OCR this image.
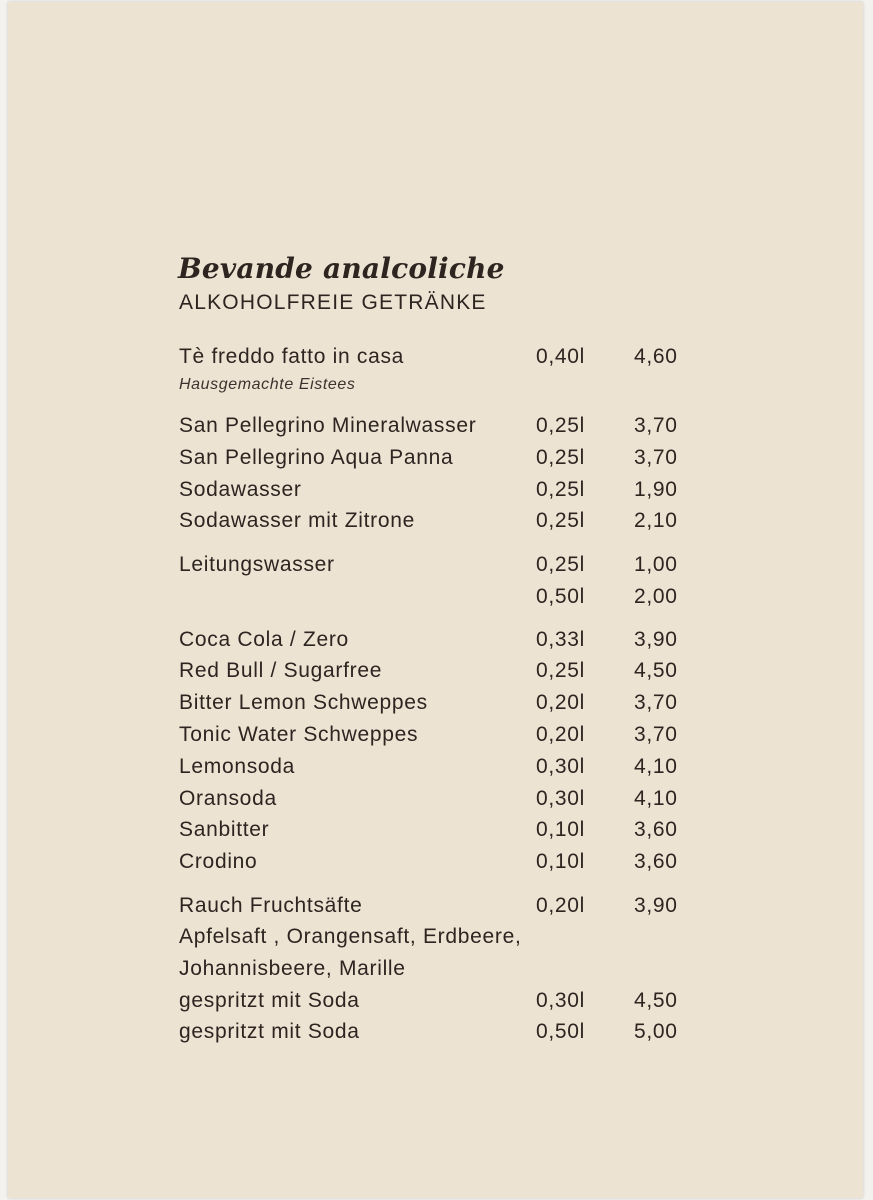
Bevande analcoliche
ALKOHOLFREIE GETRÄNKE
Tè freddo fatto in casa	0,40l 4,60
Hausgemachte Eistees
San Pellegrino Mineralwasser	0,25l 3,70
San Pellegrino Aqua Panna	0,25l 3,70
Sodawasser	0,25l 1,90
Sodawasser mit Zitrone	0,25l 2,10
Leitungswasser	0,25l 1,00
0,50l 2,00
Coca Cola / Zero	0,33l 3,90
Red Bull / Sugarfree	0,25l 4,50
Bitter Lemon Schweppes	0,20l 3,70
Tonic Water Schweppes	0,20l 3,70
Lemonsoda	0,30l 4,10
Oransoda	0,30l 4,10
Sanbitter	0,10l 3,60
Crodino	0,10l 3,60
Rauch Fruchtsäfte	0,20l 3,90
Apfelsaft , Orangensaft, Erdbeere,
Johannisbeere, Marille
gespritzt mit Soda	0,30l 4,50
gespritzt mit Soda	0,50l 5,00
